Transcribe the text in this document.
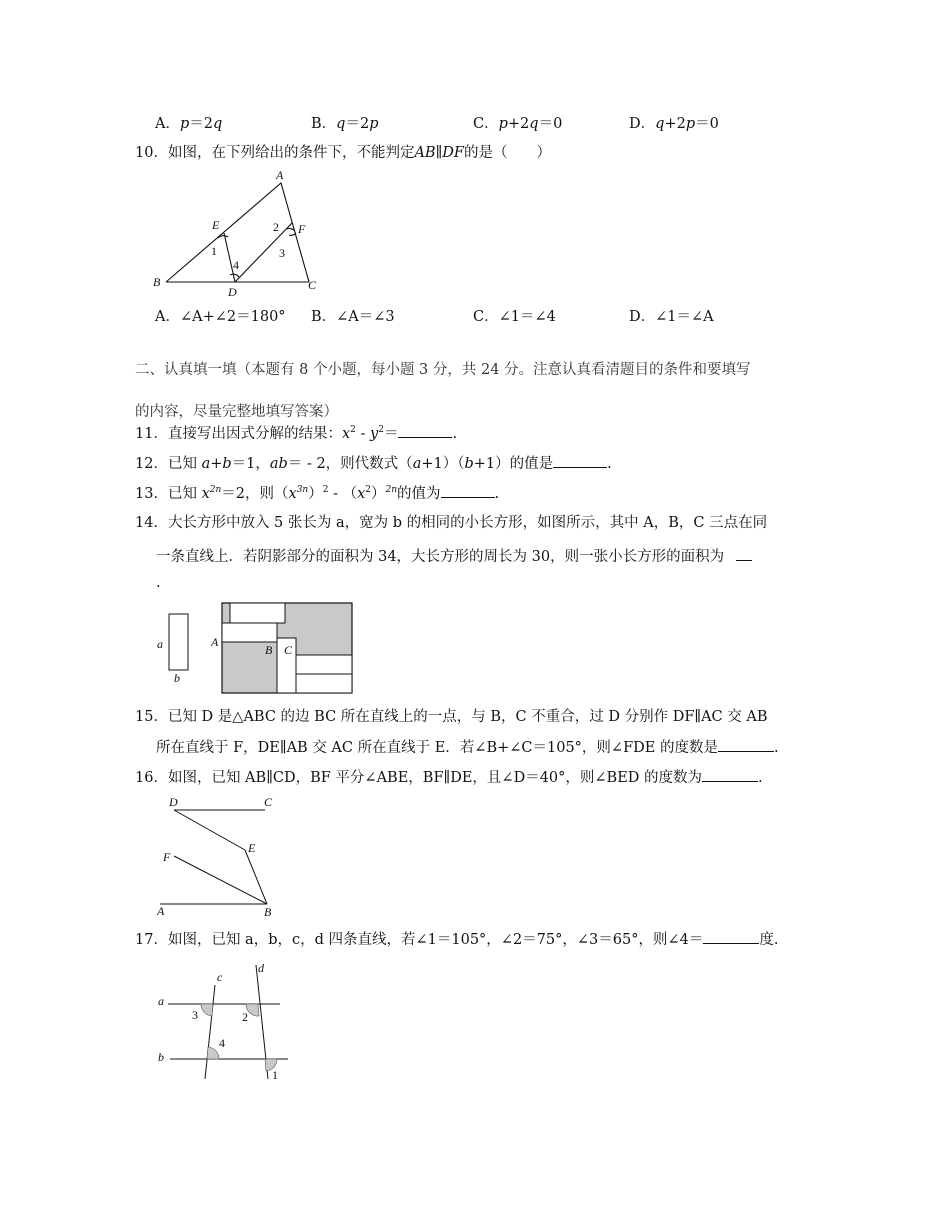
A．p＝2q	B．q＝2p	C．p+2q＝0	D．q+2p＝0
10．如图，在下列给出的条件下，不能判定AB∥DF的是（　　）
A
B	C
D
E	F
1
4
2
3
A．∠A+∠2＝180° B．∠A＝∠3	C．∠1＝∠4	D．∠1＝∠A
二、认真填一填（本题有 8 个小题，每小题 3 分，共 24 分。注意认真看清题目的条件和要填写
的内容，尽量完整地填写答案）
11．直接写出因式分解的结果：$x^2 - y^2=$	.
12．已知 a+b＝1，ab＝ - 2，则代数式（a+1）（b+1）的值是	.
13．已知 $x^{2n}=2$，则$(x^{3n})^2 - (x^2)^{2n}$的值为	.
14．大长方形中放入 5 张长为 a，宽为 b 的相同的小长方形，如图所示，其中 A，B，C 三点在同
一条直线上．若阴影部分的面积为 34，大长方形的周长为 30，则一张小长方形的面积为
.
a
b
A
B C
15．已知 D 是△ABC 的边 BC 所在直线上的一点，与 B，C 不重合，过 D 分别作 DF∥AC 交 AB
所在直线于 F，DE∥AB 交 AC 所在直线于 E．若∠B+∠C＝105°，则∠FDE 的度数是	.
16．如图，已知 AB∥CD，BF 平分∠ABE，BF∥DE，且∠D＝40°，则∠BED 的度数为	.
D	C
E
F
A	B
17．如图，已知 a，b，c，d 四条直线，若∠1＝105°，∠2＝75°，∠3＝65°，则∠4＝	度.
c
d
a
b
3	2
4
1
